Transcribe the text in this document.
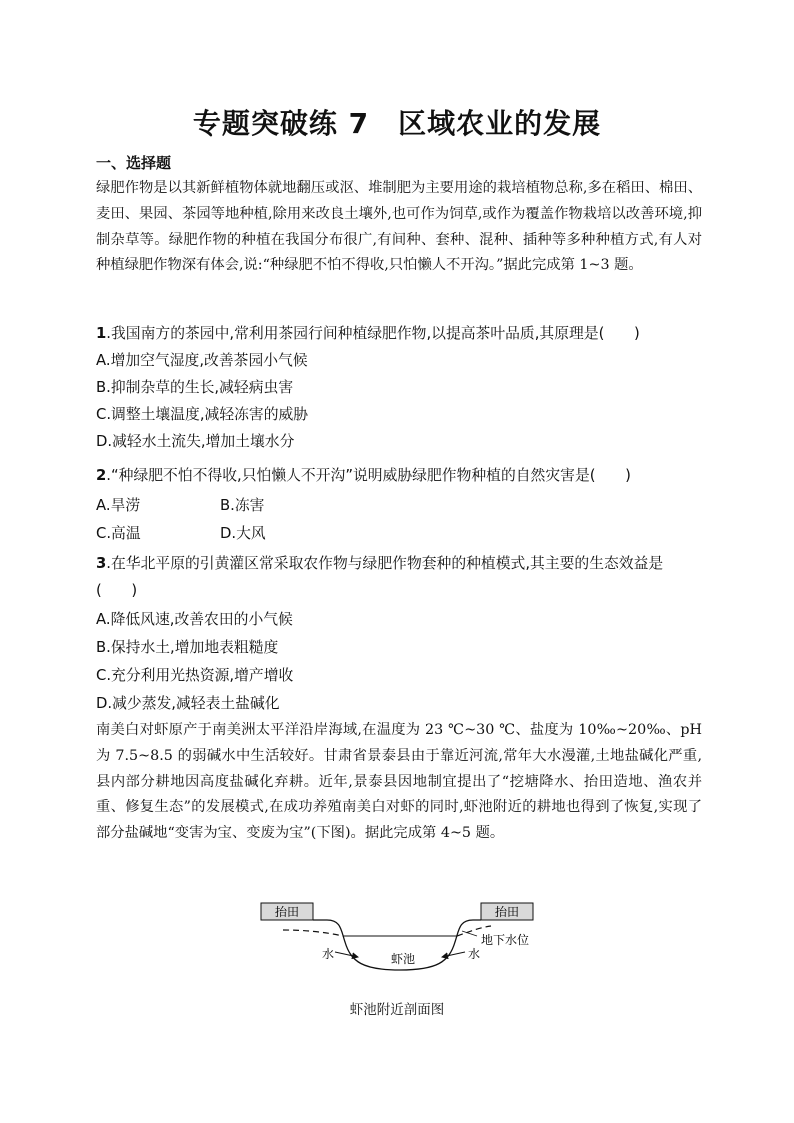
专题突破练 7　区域农业的发展
一、选择题
绿肥作物是以其新鲜植物体就地翻压或沤、堆制肥为主要用途的栽培植物总称,多在稻田、棉田、麦田、果园、茶园等地种植,除用来改良土壤外,也可作为饲草,或作为覆盖作物栽培以改善环境,抑制杂草等。绿肥作物的种植在我国分布很广,有间种、套种、混种、插种等多种种植方式,有人对种植绿肥作物深有体会,说:“种绿肥不怕不得收,只怕懒人不开沟。”据此完成第 1~3 题。
1.我国南方的茶园中,常利用茶园行间种植绿肥作物,以提高茶叶品质,其原理是(　　)
A.增加空气湿度,改善茶园小气候
B.抑制杂草的生长,减轻病虫害
C.调整土壤温度,减轻冻害的威胁
D.减轻水土流失,增加土壤水分
2.“种绿肥不怕不得收,只怕懒人不开沟”说明威胁绿肥作物种植的自然灾害是(　　)
A.旱涝	B.冻害
C.高温	D.大风
3.在华北平原的引黄灌区常采取农作物与绿肥作物套种的种植模式,其主要的生态效益是(　　)
A.降低风速,改善农田的小气候
B.保持水土,增加地表粗糙度
C.充分利用光热资源,增产增收
D.减少蒸发,减轻表土盐碱化
南美白对虾原产于南美洲太平洋沿岸海域,在温度为 23 ℃~30 ℃、盐度为 10‰~20‰、pH 为 7.5~8.5 的弱碱水中生活较好。甘肃省景泰县由于靠近河流,常年大水漫灌,土地盐碱化严重,县内部分耕地因高度盐碱化弃耕。近年,景泰县因地制宜提出了“挖塘降水、抬田造地、渔农并重、修复生态”的发展模式,在成功养殖南美白对虾的同时,虾池附近的耕地也得到了恢复,实现了部分盐碱地“变害为宝、变废为宝”(下图)。据此完成第 4~5 题。
抬田	抬田
地下水位
水	水
虾池
虾池附近剖面图
